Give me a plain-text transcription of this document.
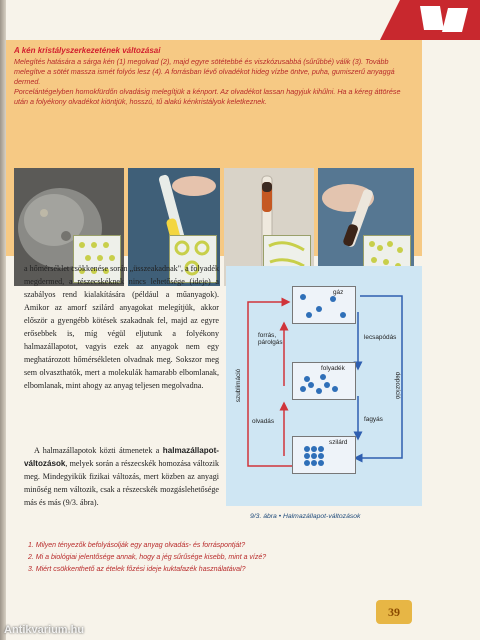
A kén kristályszerkezetének változásai
Melegítés hatására a sárga kén (1) megolvad (2), majd egyre sötétebbé és viszkózusabbá (sűrűbbé) válik (3). Tovább melegítve a sötét massza ismét folyós lesz (4). A forrásban lévő olvadékot hideg vízbe öntve, puha, gumiszerű anyaggá dermed.
Porcelántégelyben homokfürdőn olvadásig melegítjük a kénport. Az olvadékot lassan hagyjuk kihűlni. Ha a kéreg áttörése után a folyékony olvadékot kiöntjük, hosszú, tű alakú kénkristályok keletkeznek.
a hőmérséklet csökkenése során „üsszeakadnak", a folyadék megdermed, a részecskéknek nincs lehetősége (ideje) a szabályos rend kialakítására (például a műanyagok). Amikor az amorf szilárd anyagokat melegítjük, akkor először a gyengébb kötések szakadnak fel, majd az egyre erősebbek is, míg végül eljutunk a folyékony halmazállapotot, vagyis ezek az anyagok nem egy meghatározott hőmérsékleten olvadnak meg. Sokszor meg sem olvaszthatók, mert a molekulák hamarabb elbomlanak, elbomlanak, mint ahogy az anyag teljesen megolvadna.
A halmazállapotok közti átmenetek a halmazállapot-változások, melyek során a részecskék homozása változik meg. Mindegyikük fizikai változás, mert közben az anyagi minőség nem változik, csak a részecskék mozgáslehetősége más és más (9/3. ábra).
gáz
folyadék
szilárd
forrás, párolgás
lecsapódás
olvadás	fagyás
szublimáció	depozíció
9/3. ábra • Halmazállapot-változások
1. Milyen tényezők befolyásolják egy anyag olvadás- és forráspontját?
2. Mi a biológiai jelentősége annak, hogy a jég sűrűsége kisebb, mint a vízé?
3. Miért csökkenthető az ételek főzési ideje kuktafazék használatával?
39
Antikvarium.hu
